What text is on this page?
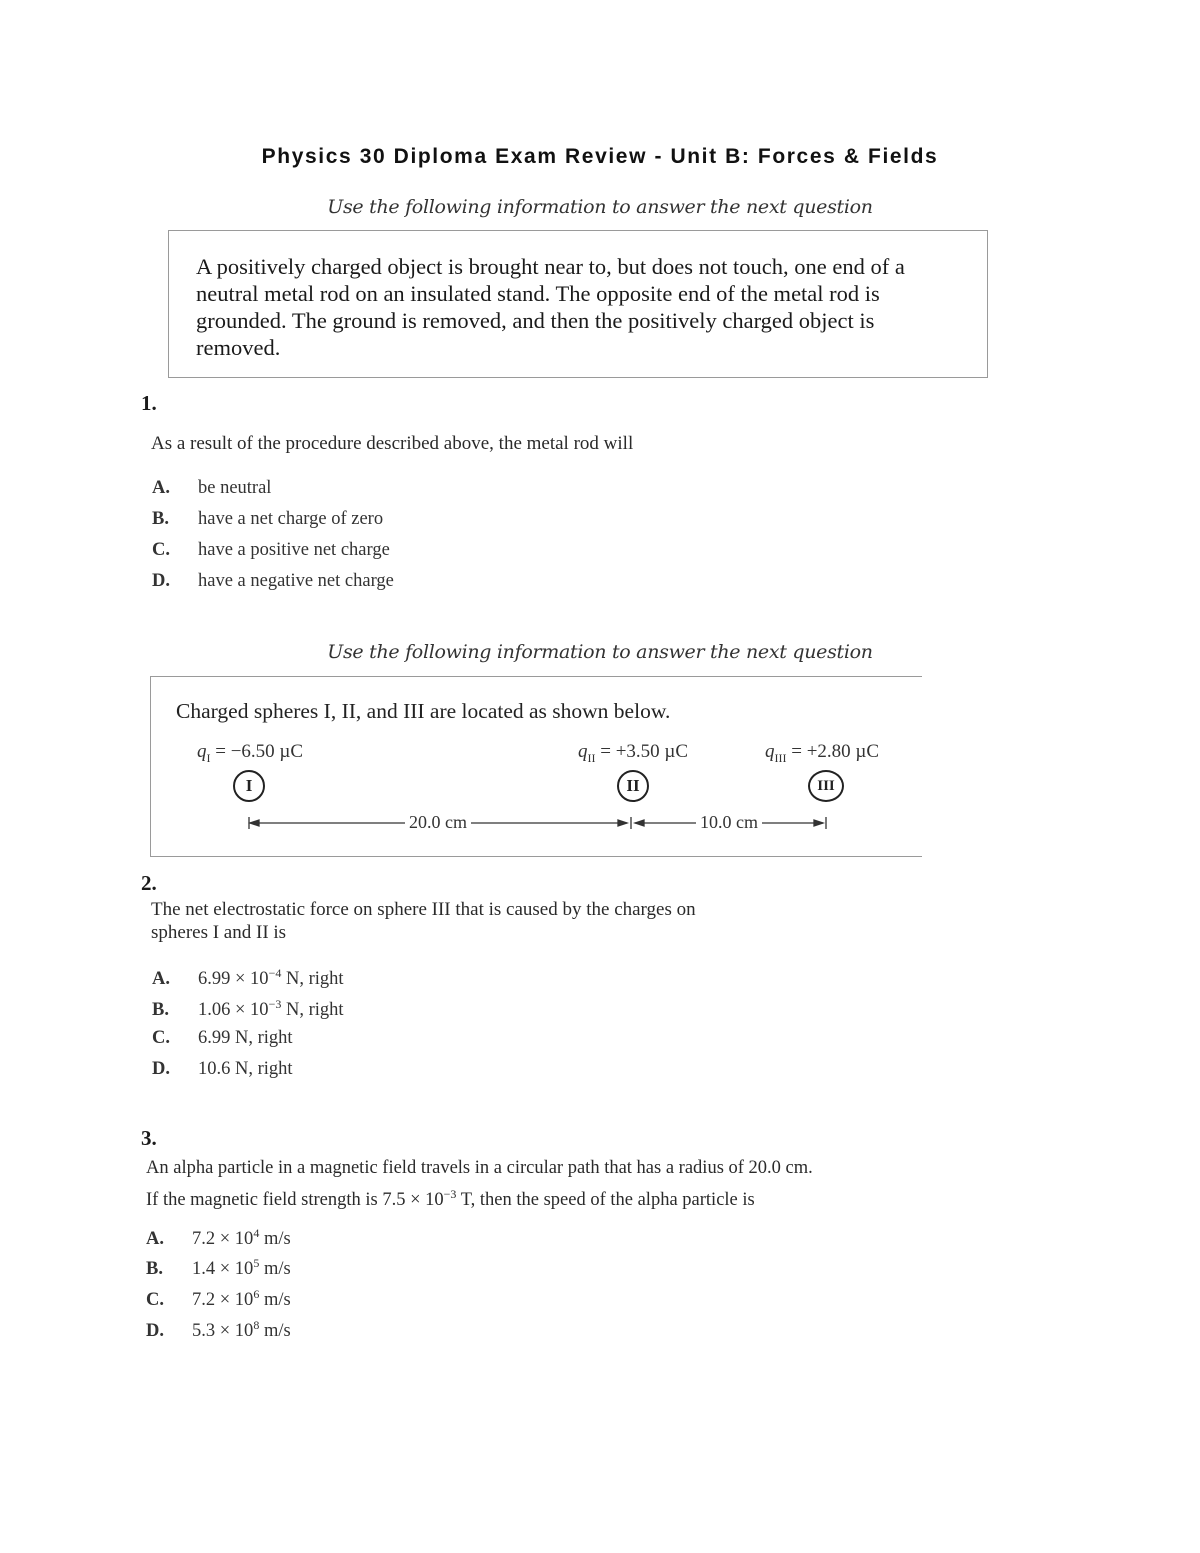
Physics 30 Diploma Exam Review - Unit B: Forces & Fields
Use the following information to answer the next question
A positively charged object is brought near to, but does not touch, one end of a neutral metal rod on an insulated stand. The opposite end of the metal rod is grounded. The ground is removed, and then the positively charged object is removed.
1.
As a result of the procedure described above, the metal rod will
A. be neutral
B. have a net charge of zero
C. have a positive net charge
D. have a negative net charge
Use the following information to answer the next question
Charged spheres I, II, and III are located as shown below.
$q_I = -6.50$ µC	$q_{II} = +3.50$ µC	$q_{III} = +2.80$ µC
I	II	III
20.0 cm	10.0 cm
2.
The net electrostatic force on sphere III that is caused by the charges on
spheres I and II is
A. $6.99 \times 10^{-4}$ N, right
B. $1.06 \times 10^{-3}$ N, right
C. 6.99 N, right
D. 10.6 N, right
3.
An alpha particle in a magnetic field travels in a circular path that has a radius of 20.0 cm.
If the magnetic field strength is $7.5 \times 10^{-3}$ T, then the speed of the alpha particle is
A. $7.2 \times 10^4$ m/s
B. $1.4 \times 10^5$ m/s
C. $7.2 \times 10^6$ m/s
D. $5.3 \times 10^8$ m/s
